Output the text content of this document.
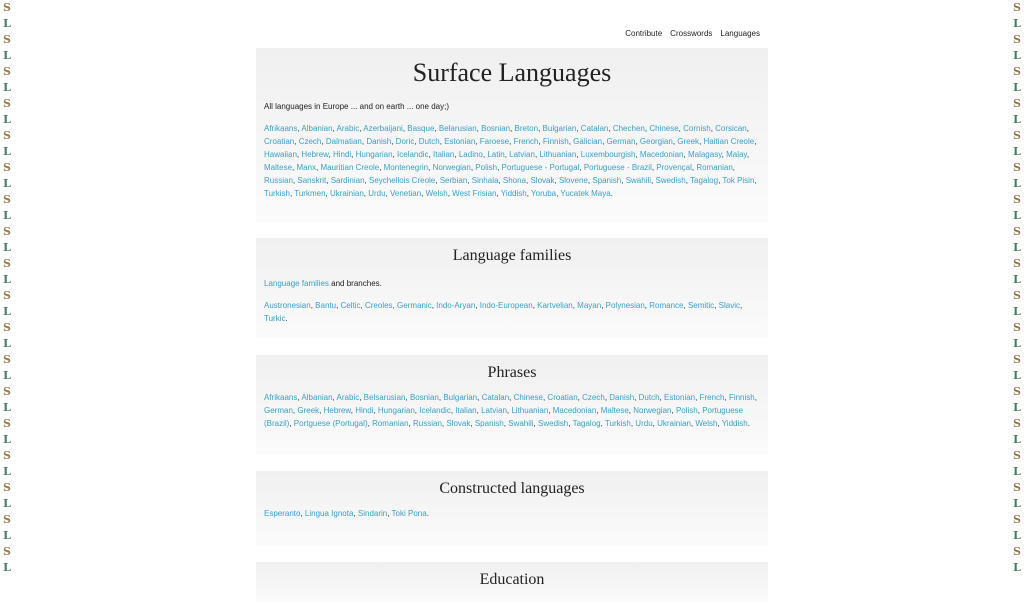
S
L
S
L
S
L
S
L
S
L
S
L
S
L
S
L
S
L
S
L
S
L
S
L
S
L
S
L
S
L
S
L
S
L
S
L
S
L
S
L
S
L
S
L
S
L
S
L
S
L
S
L
S
L
S
L
S
L
S
L
S
L
S
L
S
L
S
L
S
L
S
L
Contribute Crosswords Languages
Surface Languages

All languages in Europe ... and on earth ... one day;)

Afrikaans, Albanian, Arabic, Azerbaijani, Basque, Belarusian, Bosnian, Breton, Bulgarian, Catalan, Chechen, Chinese, Cornish, Corsican, Croatian, Czech, Dalmatian, Danish, Doric, Dutch, Estonian, Faroese, French, Finnish, Galician, German, Georgian, Greek, Haitian Creole, Hawaiian, Hebrew, Hindi, Hungarian, Icelandic, Italian, Ladino, Latin, Latvian, Lithuanian, Luxembourgish, Macedonian, Malagasy, Malay, Maltese, Manx, Mauritian Creole, Montenegrin, Norwegian, Polish, Portuguese - Portugal, Portuguese - Brazil, Provençal, Romanian, Russian, Sanskrit, Sardinian, Seychellois Creole, Serbian, Sinhala, Shona, Slovak, Slovene, Spanish, Swahili, Swedish, Tagalog, Tok Pisin, Turkish, Turkmen, Ukrainian, Urdu, Venetian, Welsh, West Frisian, Yiddish, Yoruba, Yucatek Maya.

Language families

Language families and branches.

Austronesian, Bantu, Celtic, Creoles, Germanic, Indo-Aryan, Indo-European, Kartvelian, Mayan, Polynesian, Romance, Semitic, Slavic, Turkic.

Phrases

Afrikaans, Albanian, Arabic, Belsarusian, Bosnian, Bulgarian, Catalan, Chinese, Croatian, Czech, Danish, Dutch, Estonian, French, Finnish, German, Greek, Hebrew, Hindi, Hungarian, Icelandic, Italian, Latvian, Lithuanian, Macedonian, Maltese, Norwegian, Polish, Portuguese (Brazil), Portguese (Portugal), Romanian, Russian, Slovak, Spanish, Swahili, Swedish, Tagalog, Turkish, Urdu, Ukrainian, Welsh, Yiddish.

Constructed languages

Esperanto, Lingua Ignota, Sindarin, Toki Pona.

Education
